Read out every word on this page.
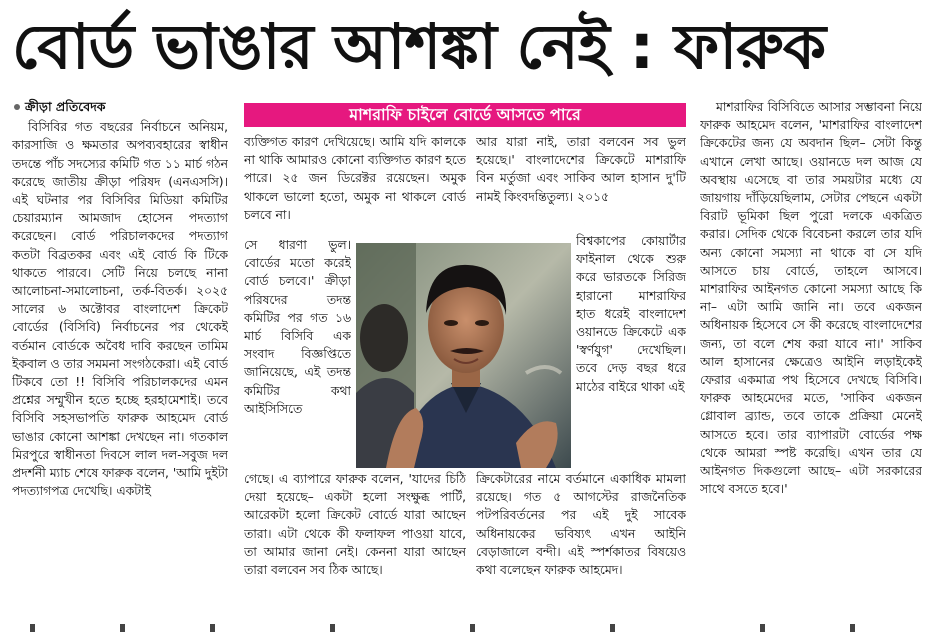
বোর্ড ভাঙার আশঙ্কা নেই : ফারুক
ক্রীড়া প্রতিবেদক

বিসিবির গত বছরের নির্বাচনে অনিয়ম, কারসাজি ও ক্ষমতার অপব্যবহারের স্বাধীন তদন্তে পাঁচ সদস্যের কমিটি গত ১১ মার্চ গঠন করেছে জাতীয় ক্রীড়া পরিষদ (এনএসসি)। এই ঘটনার পর বিসিবির মিডিয়া কমিটির চেয়ারম্যান আমজাদ হোসেন পদত্যাগ করেছেন। বোর্ড পরিচালকদের পদত্যাগ কতটা বিব্রতকর এবং এই বোর্ড কি টিকে থাকতে পারবে। সেটি নিয়ে চলছে নানা আলোচনা-সমালোচনা, তর্ক-বিতর্ক। ২০২৫ সালের ৬ অক্টোবর বাংলাদেশ ক্রিকেট বোর্ডের (বিসিবি) নির্বাচনের পর থেকেই বর্তমান বোর্ডকে অবৈধ দাবি করছেন তামিম ইকবাল ও তার সমমনা সংগঠকেরা। এই বোর্ড টিকবে তো !! বিসিবি পরিচালকদের এমন প্রশ্নের সম্মুখীন হতে হচ্ছে হরহামেশাই। তবে বিসিবি সহসভাপতি ফারুক আহমেদ বোর্ড ভাঙার কোনো আশঙ্কা দেখছেন না। গতকাল মিরপুরে স্বাধীনতা দিবসে লাল দল-সবুজ দল প্রদর্শনী ম্যাচ শেষে ফারুক বলেন, 'আমি দুইটা পদত্যাগপত্র দেখেছি। একটাই

মাশরাফি চাইলে বোর্ডে আসতে পারে

ব্যক্তিগত কারণ দেখিয়েছে। আমি যদি কালকে না থাকি আমারও কোনো ব্যক্তিগত কারণ হতে পারে। ২৫ জন ডিরেক্টর রয়েছেন। অমুক থাকলে ভালো হতো, অমুক না থাকলে বোর্ড চলবে না।

আর যারা নাই, তারা বলবেন সব ভুল হয়েছে।' বাংলাদেশের ক্রিকেটে মাশরাফি বিন মর্তুজা এবং সাকিব আল হাসান দু'টি নামই কিংবদন্তিতুল্য। ২০১৫

সে ধারণা ভুল। বোর্ডের মতো করেই বোর্ড চলবে।' ক্রীড়া পরিষদের তদন্ত কমিটির পর গত ১৬ মার্চ বিসিবি এক সংবাদ বিজ্ঞপ্তিতে জানিয়েছে, এই তদন্ত কমিটির কথা আইসিসিতে

বিশ্বকাপের কোয়ার্টার ফাইনাল থেকে শুরু করে ভারতকে সিরিজ হারানো মাশরাফির হাত ধরেই বাংলাদেশ ওয়ানডে ক্রিকেটে এক 'স্বর্ণযুগ' দেখেছিল। তবে দেড় বছর ধরে মাঠের বাইরে থাকা এই

গেছে। এ ব্যাপারে ফারুক বলেন, 'যাদের চিঠি দেয়া হয়েছে– একটা হলো সংক্ষুব্ধ পার্টি, আরেকটা হলো ক্রিকেট বোর্ডে যারা আছেন তারা। এটা থেকে কী ফলাফল পাওয়া যাবে, তা আমার জানা নেই। কেননা যারা আছেন তারা বলবেন সব ঠিক আছে।

ক্রিকেটারের নামে বর্তমানে একাধিক মামলা রয়েছে। গত ৫ আগস্টের রাজনৈতিক পটপরিবর্তনের পর এই দুই সাবেক অধিনায়কের ভবিষ্যৎ এখন আইনি বেড়াজালে বন্দী। এই স্পর্শকাতর বিষয়েও কথা বলেছেন ফারুক আহমেদ।

মাশরাফির বিসিবিতে আসার সম্ভাবনা নিয়ে ফারুক আহমেদ বলেন, 'মাশরাফির বাংলাদেশ ক্রিকেটের জন্য যে অবদান ছিল– সেটা কিন্তু এখানে লেখা আছে। ওয়ানডে দল আজ যে অবস্থায় এসেছে বা তার সময়টার মধ্যে যে জায়গায় দাঁড়িয়েছিলাম, সেটার পেছনে একটা বিরাট ভূমিকা ছিল পুরো দলকে একত্রিত করার। সেদিক থেকে বিবেচনা করলে তার যদি অন্য কোনো সমস্যা না থাকে বা সে যদি আসতে চায় বোর্ডে, তাহলে আসবে। মাশরাফির আইনগত কোনো সমস্যা আছে কি না– এটা আমি জানি না। তবে একজন অধিনায়ক হিসেবে সে কী করেছে বাংলাদেশের জন্য, তা বলে শেষ করা যাবে না।' সাকিব আল হাসানের ক্ষেত্রেও আইনি লড়াইকেই ফেরার একমাত্র পথ হিসেবে দেখছে বিসিবি। ফারুক আহমেদের মতে, 'সাকিব একজন গ্লোবাল ব্র্যান্ড, তবে তাকে প্রক্রিয়া মেনেই আসতে হবে। তার ব্যাপারটা বোর্ডের পক্ষ থেকে আমরা স্পষ্ট করেছি। এখন তার যে আইনগত দিকগুলো আছে– এটা সরকারের সাথে বসতে হবে।'
